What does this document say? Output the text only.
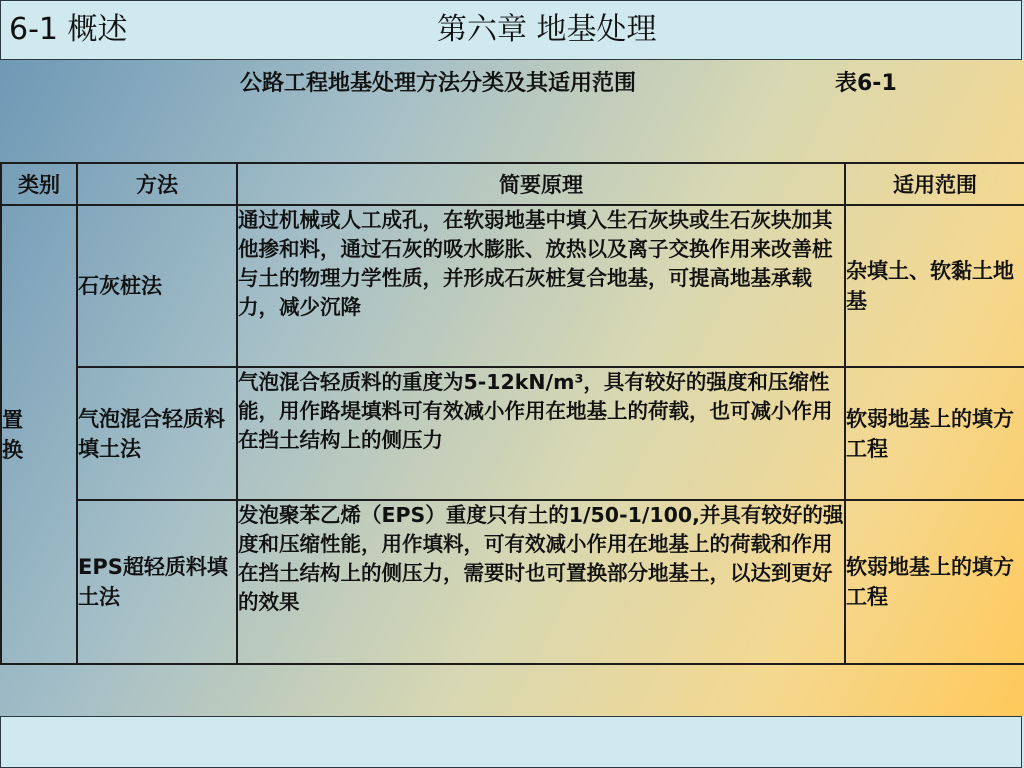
6-1 概述	第六章 地基处理
公路工程地基处理方法分类及其适用范围	表6-1
类别	方法	简要原理	适用范围

置换	石灰桩法	通过机械或人工成孔，在软弱地基中填入生石灰块或生石灰块加其他掺和料，通过石灰的吸水膨胀、放热以及离子交换作用来改善桩与土的物理力学性质，并形成石灰桩复合地基，可提高地基承载力，减少沉降	杂填土、软黏土地基
	气泡混合轻质料填土法	气泡混合轻质料的重度为5-12kN/m³，具有较好的强度和压缩性能，用作路堤填料可有效减小作用在地基上的荷载，也可减小作用在挡土结构上的侧压力	软弱地基上的填方工程
	EPS超轻质料填土法	发泡聚苯乙烯（EPS）重度只有土的1/50-1/100,并具有较好的强度和压缩性能，用作填料，可有效减小作用在地基上的荷载和作用在挡土结构上的侧压力，需要时也可置换部分地基土，以达到更好的效果	软弱地基上的填方工程
